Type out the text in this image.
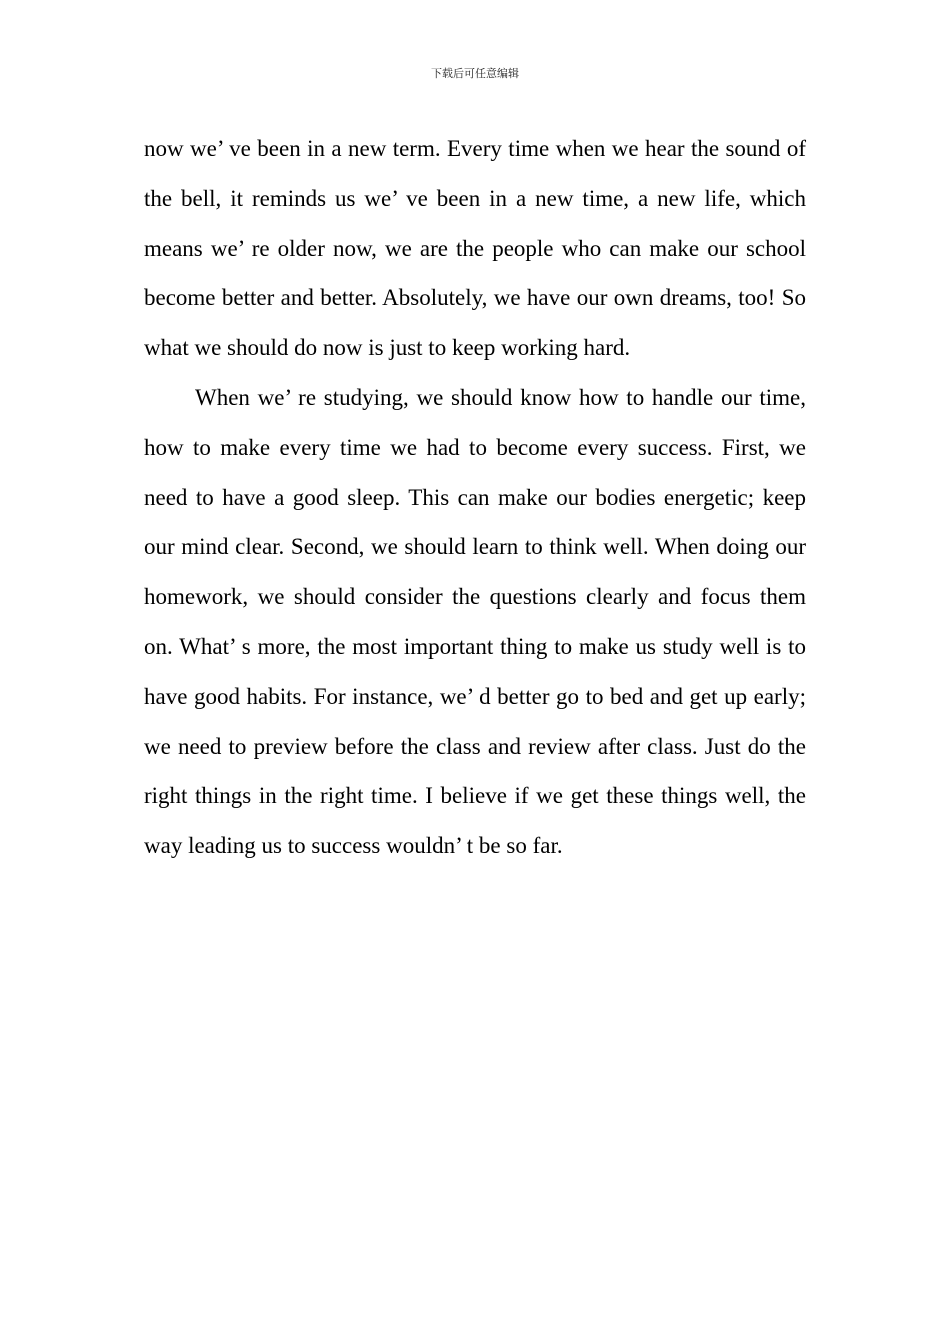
下载后可任意编辑

now we’ ve been in a new term. Every time when we hear the sound of the bell, it reminds us we’ ve been in a new time, a new life, which means we’ re older now, we are the people who can make our school become better and better. Absolutely, we have our own dreams, too! So what we should do now is just to keep working hard.

When we’ re studying, we should know how to handle our time, how to make every time we had to become every success. First, we need to have a good sleep. This can make our bodies energetic; keep our mind clear. Second, we should learn to think well. When doing our homework, we should consider the questions clearly and focus them on. What’ s more, the most important thing to make us study well is to have good habits. For instance, we’ d better go to bed and get up early; we need to preview before the class and review after class. Just do the right things in the right time. I believe if we get these things well, the way leading us to success wouldn’ t be so far.
